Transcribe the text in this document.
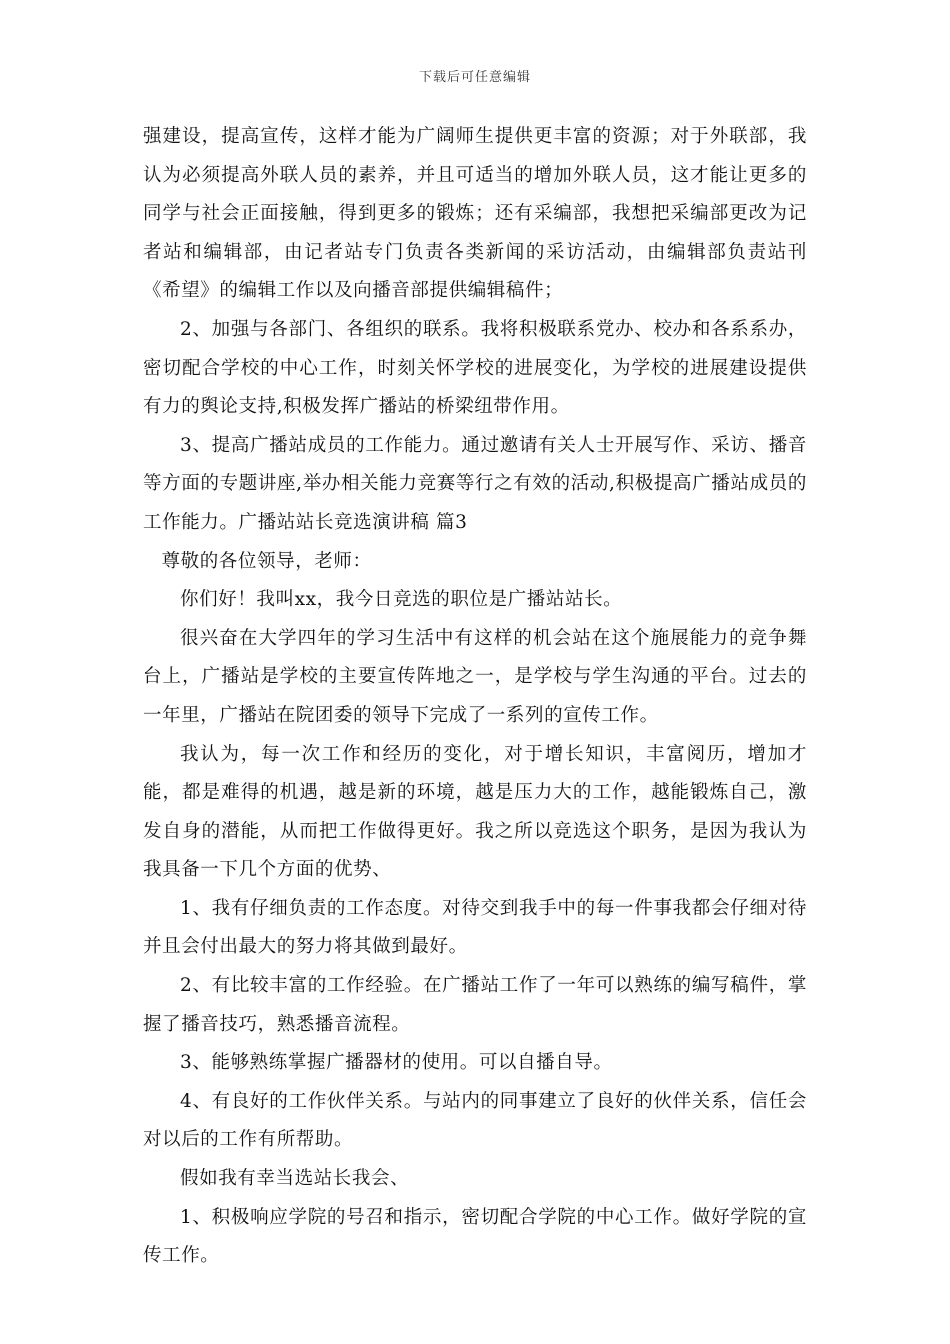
下载后可任意编辑

强建设，提高宣传，这样才能为广阔师生提供更丰富的资源；对于外联部，我认为必须提高外联人员的素养，并且可适当的增加外联人员，这才能让更多的同学与社会正面接触，得到更多的锻炼；还有采编部，我想把采编部更改为记者站和编辑部，由记者站专门负责各类新闻的采访活动，由编辑部负责站刊《希望》的编辑工作以及向播音部提供编辑稿件；

2、加强与各部门、各组织的联系。我将积极联系党办、校办和各系系办，密切配合学校的中心工作，时刻关怀学校的进展变化，为学校的进展建设提供有力的舆论支持,积极发挥广播站的桥梁纽带作用。

3、提高广播站成员的工作能力。通过邀请有关人士开展写作、采访、播音等方面的专题讲座,举办相关能力竞赛等行之有效的活动,积极提高广播站成员的工作能力。广播站站长竞选演讲稿 篇3

尊敬的各位领导，老师：

你们好！我叫xx，我今日竞选的职位是广播站站长。

很兴奋在大学四年的学习生活中有这样的机会站在这个施展能力的竞争舞台上，广播站是学校的主要宣传阵地之一，是学校与学生沟通的平台。过去的一年里，广播站在院团委的领导下完成了一系列的宣传工作。

我认为，每一次工作和经历的变化，对于增长知识，丰富阅历，增加才能，都是难得的机遇，越是新的环境，越是压力大的工作，越能锻炼自己，激发自身的潜能，从而把工作做得更好。我之所以竞选这个职务，是因为我认为我具备一下几个方面的优势、

1、我有仔细负责的工作态度。对待交到我手中的每一件事我都会仔细对待并且会付出最大的努力将其做到最好。

2、有比较丰富的工作经验。在广播站工作了一年可以熟练的编写稿件，掌握了播音技巧，熟悉播音流程。

3、能够熟练掌握广播器材的使用。可以自播自导。

4、有良好的工作伙伴关系。与站内的同事建立了良好的伙伴关系，信任会对以后的工作有所帮助。

假如我有幸当选站长我会、

1、积极响应学院的号召和指示，密切配合学院的中心工作。做好学院的宣传工作。
